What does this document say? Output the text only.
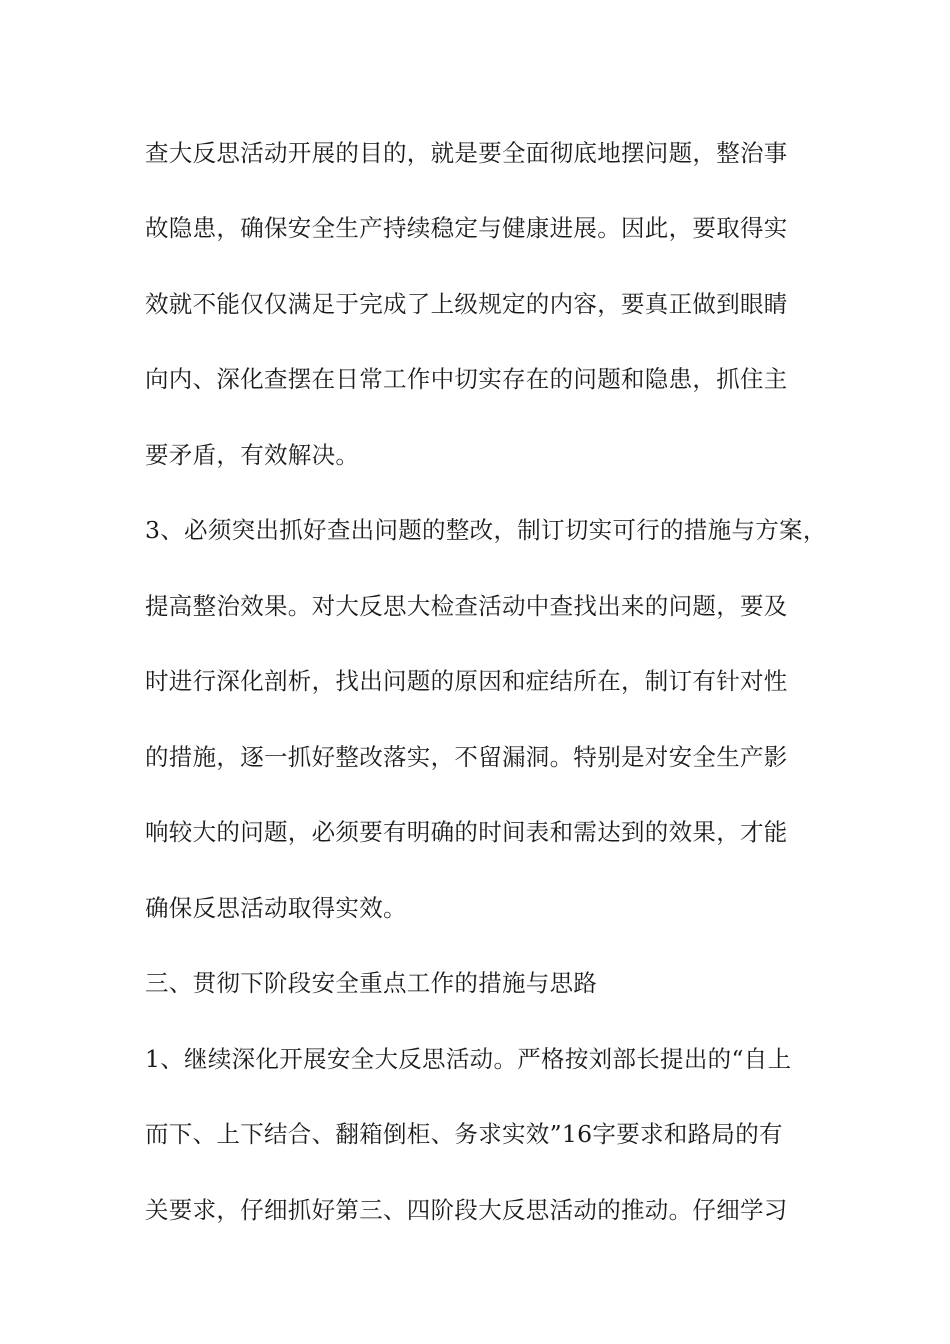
查大反思活动开展的目的，就是要全面彻底地摆问题，整治事
故隐患，确保安全生产持续稳定与健康进展。因此，要取得实
效就不能仅仅满足于完成了上级规定的内容，要真正做到眼睛
向内、深化查摆在日常工作中切实存在的问题和隐患，抓住主
要矛盾，有效解决。
3、必须突出抓好查出问题的整改，制订切实可行的措施与方案，
提高整治效果。对大反思大检查活动中查找出来的问题，要及
时进行深化剖析，找出问题的原因和症结所在，制订有针对性
的措施，逐一抓好整改落实，不留漏洞。特别是对安全生产影
响较大的问题，必须要有明确的时间表和需达到的效果，才能
确保反思活动取得实效。
三、贯彻下阶段安全重点工作的措施与思路
1、继续深化开展安全大反思活动。严格按刘部长提出的“自上
而下、上下结合、翻箱倒柜、务求实效”16字要求和路局的有
关要求，仔细抓好第三、四阶段大反思活动的推动。仔细学习
